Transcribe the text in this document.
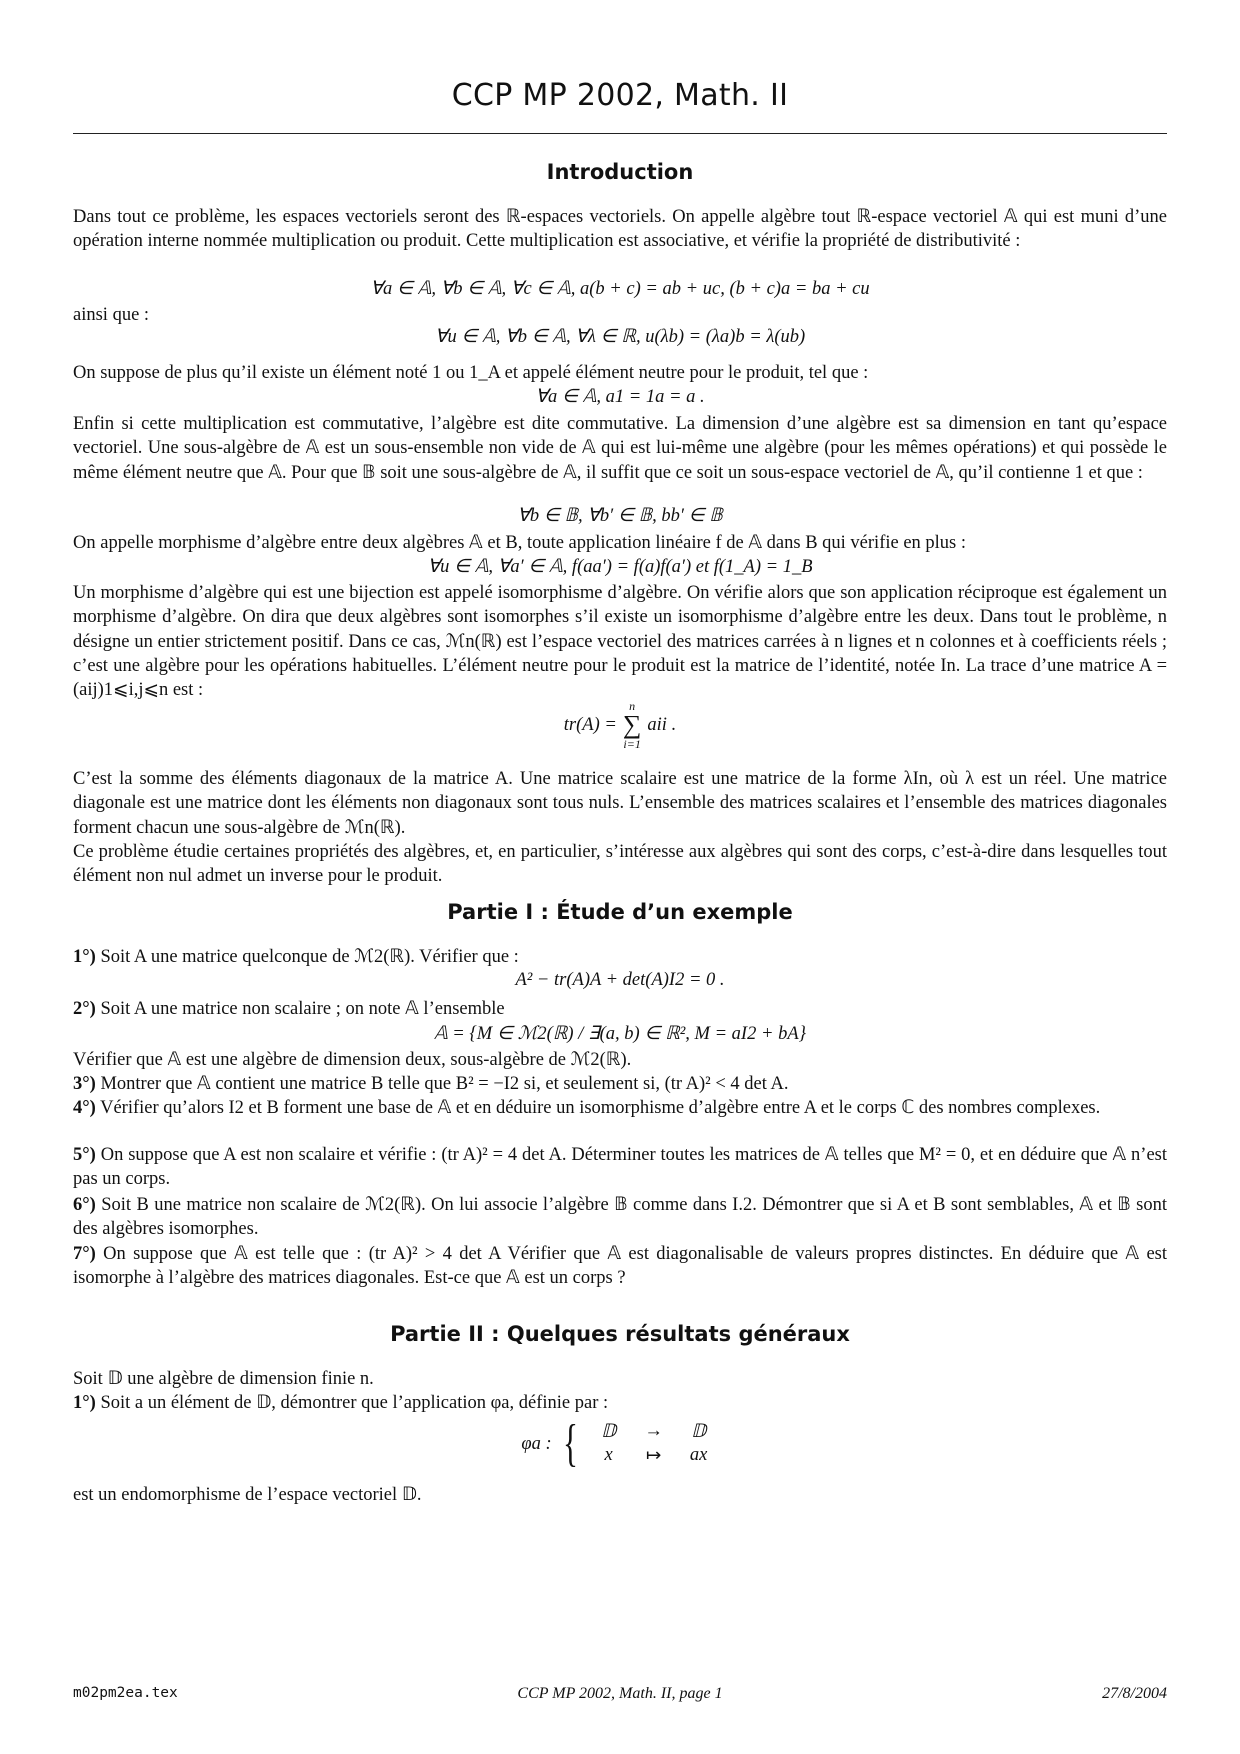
CCP MP 2002, Math. II
Introduction
Dans tout ce problème, les espaces vectoriels seront des ℝ-espaces vectoriels. On appelle algèbre tout ℝ-espace vectoriel 𝔸 qui est muni d’une opération interne nommée multiplication ou produit. Cette multiplication est associative, et vérifie la propriété de distributivité :
∀a ∈ 𝔸, ∀b ∈ 𝔸, ∀c ∈ 𝔸, a(b + c) = ab + uc, (b + c)a = ba + cu
ainsi que :
∀u ∈ 𝔸, ∀b ∈ 𝔸, ∀λ ∈ ℝ, u(λb) = (λa)b = λ(ub)
On suppose de plus qu’il existe un élément noté 1 ou 1_A et appelé élément neutre pour le produit, tel que :
∀a ∈ 𝔸, a1 = 1a = a .
Enfin si cette multiplication est commutative, l’algèbre est dite commutative. La dimension d’une algèbre est sa dimension en tant qu’espace vectoriel. Une sous-algèbre de 𝔸 est un sous-ensemble non vide de 𝔸 qui est lui-même une algèbre (pour les mêmes opérations) et qui possède le même élément neutre que 𝔸. Pour que 𝔹 soit une sous-algèbre de 𝔸, il suffit que ce soit un sous-espace vectoriel de 𝔸, qu’il contienne 1 et que :
∀b ∈ 𝔹, ∀b′ ∈ 𝔹, bb′ ∈ 𝔹
On appelle morphisme d’algèbre entre deux algèbres 𝔸 et B, toute application linéaire f de 𝔸 dans B qui vérifie en plus :
∀u ∈ 𝔸, ∀a′ ∈ 𝔸, f(aa′) = f(a)f(a′) et f(1_A) = 1_B
Un morphisme d’algèbre qui est une bijection est appelé isomorphisme d’algèbre. On vérifie alors que son application réciproque est également un morphisme d’algèbre. On dira que deux algèbres sont isomorphes s’il existe un isomorphisme d’algèbre entre les deux. Dans tout le problème, n désigne un entier strictement positif. Dans ce cas, ℳn(ℝ) est l’espace vectoriel des matrices carrées à n lignes et n colonnes et à coefficients réels ; c’est une algèbre pour les opérations habituelles. L’élément neutre pour le produit est la matrice de l’identité, notée In. La trace d’une matrice A = (aij)1⩽i,j⩽n est :
tr(A) =
n
∑
i=1
aii .
C’est la somme des éléments diagonaux de la matrice A. Une matrice scalaire est une matrice de la forme λIn, où λ est un réel. Une matrice diagonale est une matrice dont les éléments non diagonaux sont tous nuls. L’ensemble des matrices scalaires et l’ensemble des matrices diagonales forment chacun une sous-algèbre de ℳn(ℝ).
Ce problème étudie certaines propriétés des algèbres, et, en particulier, s’intéresse aux algèbres qui sont des corps, c’est-à-dire dans lesquelles tout élément non nul admet un inverse pour le produit.
Partie I : Étude d’un exemple
1°) Soit A une matrice quelconque de ℳ2(ℝ). Vérifier que :
A² − tr(A)A + det(A)I2 = 0 .
2°) Soit A une matrice non scalaire ; on note 𝔸 l’ensemble
𝔸 = {M ∈ ℳ2(ℝ) / ∃(a, b) ∈ ℝ², M = aI2 + bA}
Vérifier que 𝔸 est une algèbre de dimension deux, sous-algèbre de ℳ2(ℝ).
3°) Montrer que 𝔸 contient une matrice B telle que B² = −I2 si, et seulement si, (tr A)² < 4 det A.
4°) Vérifier qu’alors I2 et B forment une base de 𝔸 et en déduire un isomorphisme d’algèbre entre A et le corps ℂ des nombres complexes.
5°) On suppose que A est non scalaire et vérifie : (tr A)² = 4 det A. Déterminer toutes les matrices de 𝔸 telles que M² = 0, et en déduire que 𝔸 n’est pas un corps.
6°) Soit B une matrice non scalaire de ℳ2(ℝ). On lui associe l’algèbre 𝔹 comme dans I.2. Démontrer que si A et B sont semblables, 𝔸 et 𝔹 sont des algèbres isomorphes.
7°) On suppose que 𝔸 est telle que : (tr A)² > 4 det A Vérifier que 𝔸 est diagonalisable de valeurs propres distinctes. En déduire que 𝔸 est isomorphe à l’algèbre des matrices diagonales. Est-ce que 𝔸 est un corps ?
Partie II : Quelques résultats généraux
Soit 𝔻 une algèbre de dimension finie n.
1°) Soit a un élément de 𝔻, démontrer que l’application φa, définie par :
φa : {	𝔻	→	𝔻
x	↦	ax
est un endomorphisme de l’espace vectoriel 𝔻.
m02pm2ea.tex	CCP MP 2002, Math. II, page 1	27/8/2004
